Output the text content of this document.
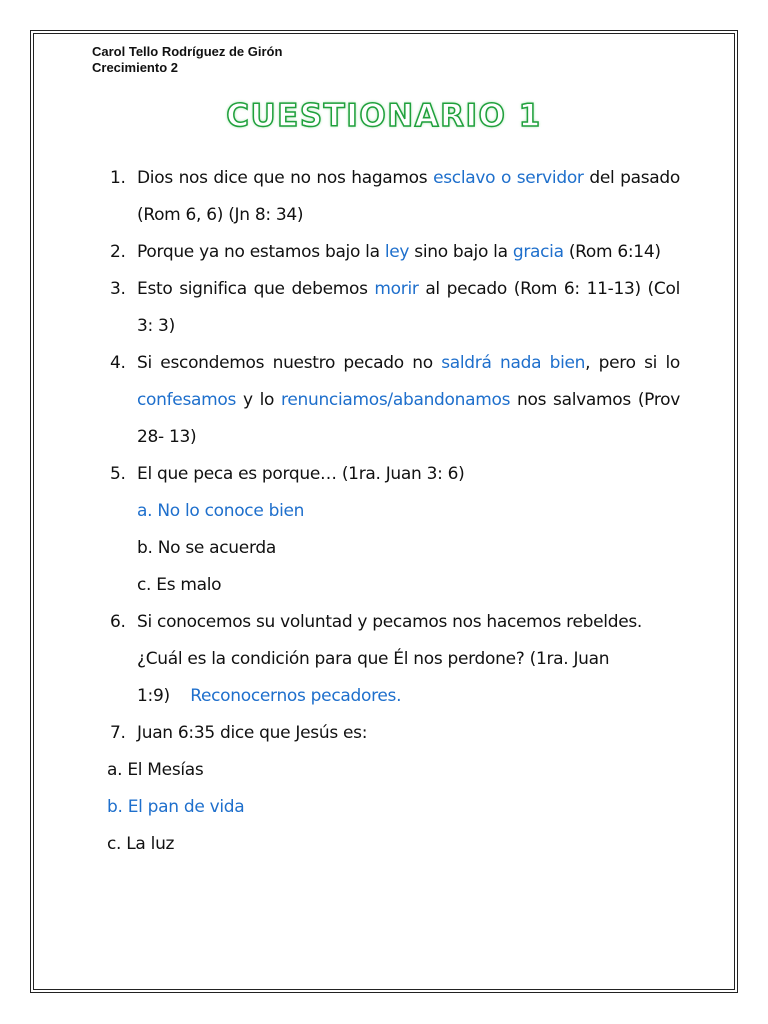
Carol Tello Rodríguez de Girón
Crecimiento 2
CUESTIONARIO 1
1. Dios nos dice que no nos hagamos esclavo o servidor del pasado (Rom 6, 6) (Jn 8: 34)
2. Porque ya no estamos bajo la ley sino bajo la gracia (Rom 6:14)
3. Esto significa que debemos morir al pecado (Rom 6: 11-13) (Col 3: 3)
4. Si escondemos nuestro pecado no saldrá nada bien, pero si lo confesamos y lo renunciamos/abandonamos nos salvamos (Prov 28- 13)
5. El que peca es porque… (1ra. Juan 3: 6)
a. No lo conoce bien
b. No se acuerda
c. Es malo
6. Si conocemos su voluntad y pecamos nos hacemos rebeldes. ¿Cuál es la condición para que Él nos perdone? (1ra. Juan 1:9) Reconocernos pecadores.
7. Juan 6:35 dice que Jesús es:
a. El Mesías
b. El pan de vida
c. La luz
